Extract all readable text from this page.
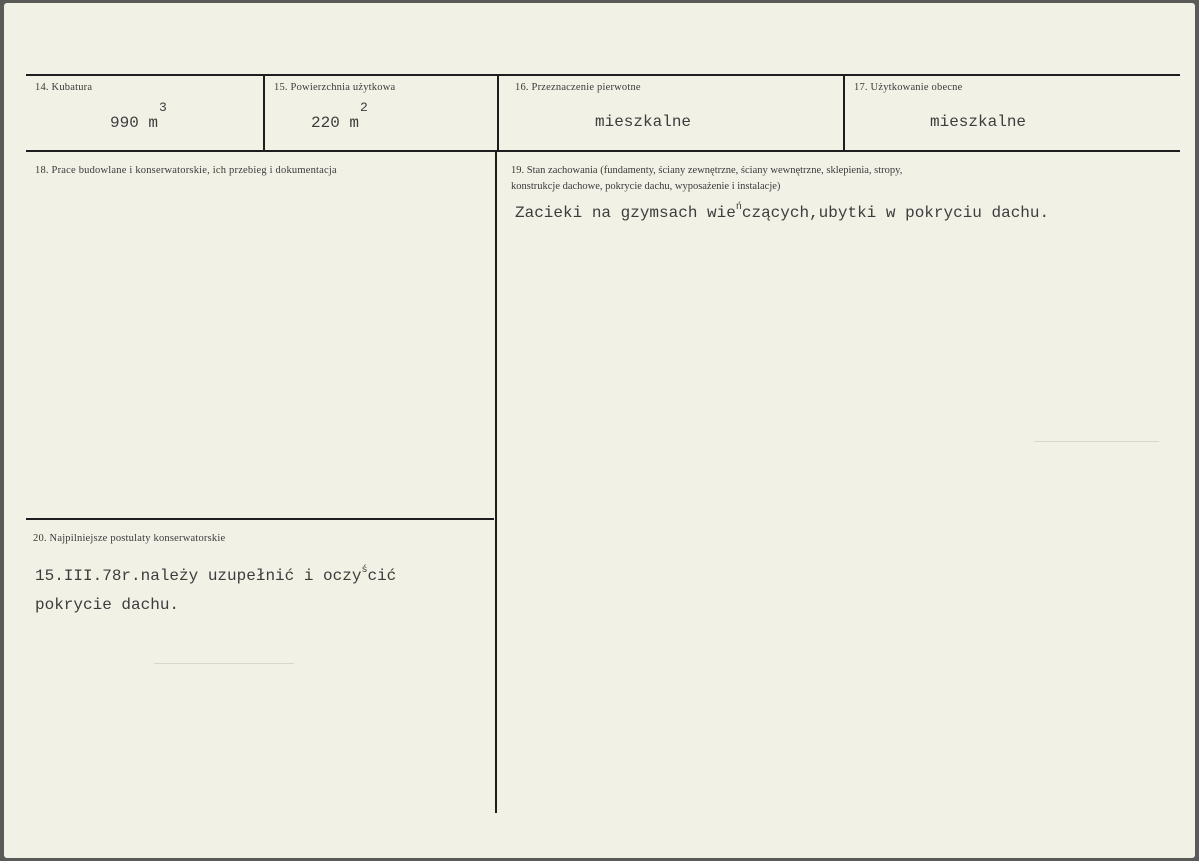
14. Kubatura
990 m
3
15. Powierzchnia użytkowa
220 m
2
16. Przeznaczenie pierwotne
mieszkalne
17. Użytkowanie obecne
mieszkalne
18. Prace budowlane i konserwatorskie, ich przebieg i dokumentacja	19. Stan zachowania (fundamenty, ściany zewnętrzne, ściany wewnętrzne, sklepienia, stropy,
konstrukcje dachowe, pokrycie dachu, wyposażenie i instalacje)
Zacieki na gzymsach wie$^ń$czących,ubytki w pokryciu dachu.
20. Najpilniejsze postulaty konserwatorskie
15.III.78r.należy uzupełnić i oczy$^ś$cić
pokrycie dachu.
